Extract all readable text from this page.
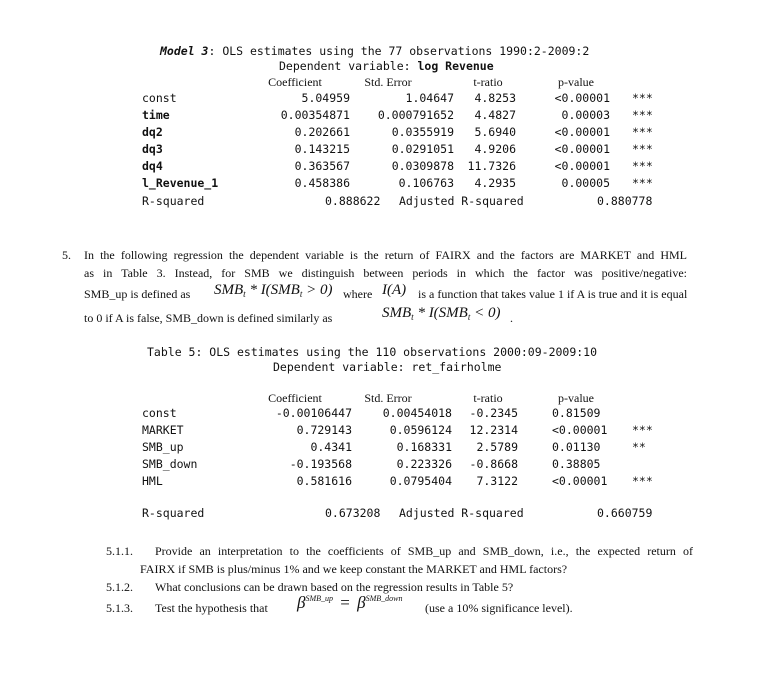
Model 3: OLS estimates using the 77 observations 1990:2-2009:2
Dependent variable: log Revenue
Coefficient	Std. Error	t-ratio	p-value
const	5.04959	1.04647	4.8253	<0.00001 ***
time	0.00354871	0.000791652	4.4827	0.00003 ***
dq2	0.202661	0.0355919	5.6940	<0.00001 ***
dq3	0.143215	0.0291051	4.9206	<0.00001 ***
dq4	0.363567	0.0309878	11.7326	<0.00001 ***
l_Revenue_1	0.458386	0.106763	4.2935	0.00005 ***
R-squared	0.888622 Adjusted R-squared	0.880778
5. In the following regression the dependent variable is the return of FAIRX and the factors are MARKET and HML
as in Table 3. Instead, for SMB we distinguish between periods in which the factor was positive/negative:
SMB_up is defined as $SMB_t * I(SMB_t > 0)$ where I(A) is a function that takes value 1 if A is true and it is equal
to 0 if A is false, SMB_down is defined similarly as	$SMB_t * I(SMB_t < 0)$ .
Table 5: OLS estimates using the 110 observations 2000:09-2009:10
Dependent variable: ret_fairholme
Coefficient	Std. Error	t-ratio	p-value
const	-0.00106447	0.00454018	-0.2345	0.81509
MARKET	0.729143	0.0596124	12.2314	<0.00001	***
SMB_up	0.4341	0.168331	2.5789	0.01130	**
SMB_down	-0.193568	0.223326	-0.8668	0.38805
HML	0.581616	0.0795404	7.3122	<0.00001	***
R-squared	0.673208 Adjusted R-squared	0.660759
5.1.1. Provide an interpretation to the coefficients of SMB_up and SMB_down, i.e., the expected return of
FAIRX if SMB is plus/minus 1% and we keep constant the MARKET and HML factors?
5.1.2. What conclusions can be drawn based on the regression results in Table 5?
5.1.3. Test the hypothesis that $\beta^{SMB\_up} = \beta^{SMB\_down}$
(use a 10% significance level).
